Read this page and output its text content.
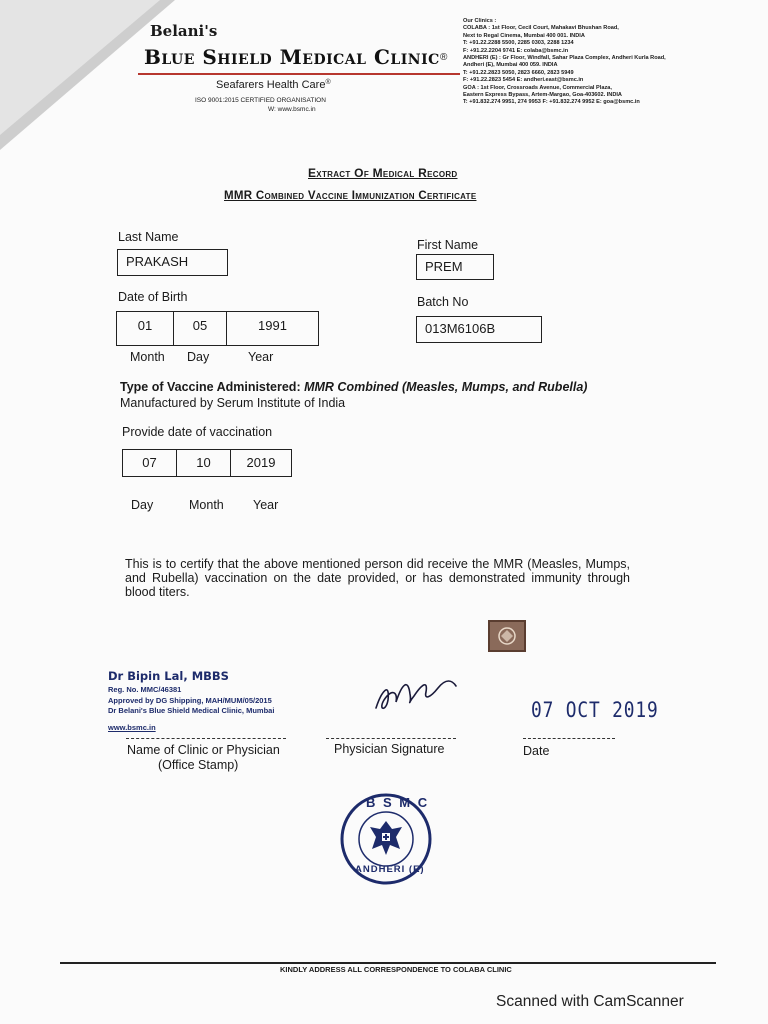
Belani's
Blue Shield Medical Clinic ®
Seafarers Health Care®
ISO 9001:2015 CERTIFIED ORGANISATION
W: www.bsmc.in
Our Clinics :
COLABA : 1st Floor, Cecil Court, Mahakavi Bhushan Road,
Next to Regal Cinema, Mumbai 400 001. INDIA
T: +91.22.2288 5500, 2285 0303, 2288 1234
F: +91.22.2204 9741 E: colaba@bsmc.in
ANDHERI (E) : Gr Floor, Windfall, Sahar Plaza Complex, Andheri Kurla Road,
Andheri (E), Mumbai 400 059. INDIA
T: +91.22.2823 5050, 2823 6660, 2823 5949
F: +91.22.2823 5454 E: andheri.east@bsmc.in
GOA : 1st Floor, Crossroads Avenue, Commercial Plaza,
Eastern Express Bypass, Artem-Margao, Goa-403602. INDIA
T: +91.832.274 9951, 274 9953 F: +91.832.274 9952 E: goa@bsmc.in
Extract Of Medical Record
MMR Combined Vaccine Immunization Certificate
Last Name
PRAKASH
First Name
PREM
Date of Birth
01	05	1991
Month Day	Year
Batch No
013M6106B
Type of Vaccine Administered: MMR Combined (Measles, Mumps, and Rubella)
Manufactured by Serum Institute of India
Provide date of vaccination
07	10	2019
Day	Month Year
This is to certify that the above mentioned person did receive the MMR (Measles, Mumps, and Rubella) vaccination on the date provided, or has demonstrated immunity through blood titers.
Dr Bipin Lal, MBBS
Reg. No. MMC/46381
Approved by DG Shipping, MAH/MUM/05/2015
Dr Belani's Blue Shield Medical Clinic, Mumbai
www.bsmc.in
07 OCT 2019
Name of Clinic or Physician
(Office Stamp)
Physician Signature	Date
B S M C
ANDHERI (E)
KINDLY ADDRESS ALL CORRESPONDENCE TO COLABA CLINIC
Scanned with CamScanner
